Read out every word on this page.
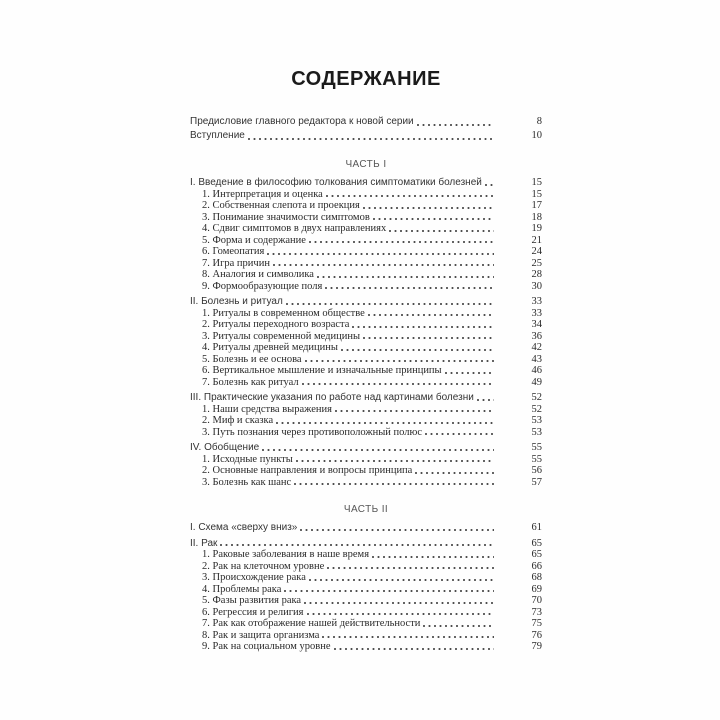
СОДЕРЖАНИЕ
Предисловие главного редактора к новой серии	8
Вступление	10
ЧАСТЬ I
I. Введение в философию толкования симптоматики болезней	15
1. Интерпретация и оценка	15
2. Собственная слепота и проекция	17
3. Понимание значимости симптомов	18
4. Сдвиг симптомов в двух направлениях	19
5. Форма и содержание	21
6. Гомеопатия	24
7. Игра причин	25
8. Аналогия и символика	28
9. Формообразующие поля	30
II. Болезнь и ритуал	33
1. Ритуалы в современном обществе	33
2. Ритуалы переходного возраста	34
3. Ритуалы современной медицины	36
4. Ритуалы древней медицины	42
5. Болезнь и ее основа	43
6. Вертикальное мышление и изначальные принципы	46
7. Болезнь как ритуал	49
III. Практические указания по работе над картинами болезни	52
1. Наши средства выражения	52
2. Миф и сказка	53
3. Путь познания через противоположный полюс	53
IV. Обобщение	55
1. Исходные пункты	55
2. Основные направления и вопросы принципа	56
3. Болезнь как шанс	57
ЧАСТЬ II
I. Схема «сверху вниз»	61
II. Рак	65
1. Раковые заболевания в наше время	65
2. Рак на клеточном уровне	66
3. Происхождение рака	68
4. Проблемы рака	69
5. Фазы развития рака	70
6. Регрессия и религия	73
7. Рак как отображение нашей действительности	75
8. Рак и защита организма	76
9. Рак на социальном уровне	79
